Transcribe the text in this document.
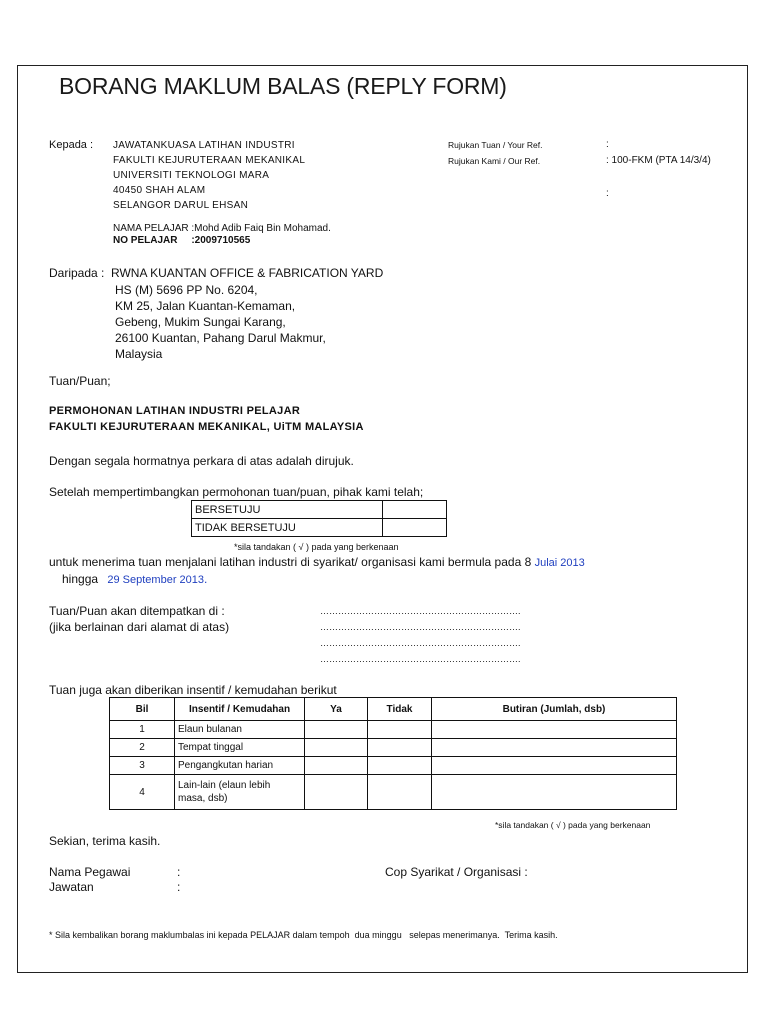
BORANG MAKLUM BALAS (REPLY FORM)
Kepada : JAWATANKUASA LATIHAN INDUSTRI
FAKULTI KEJURUTERAAN MEKANIKAL
UNIVERSITI TEKNOLOGI MARA
40450 SHAH ALAM
SELANGOR DARUL EHSAN
NAMA PELAJAR :Mohd Adib Faiq Bin Mohamad.
NO PELAJAR     :2009710565
Rujukan Tuan / Your Ref.	:
Rujukan Kami / Our Ref.	: 100-FKM (PTA 14/3/4)
:
Daripada : RWNA KUANTAN OFFICE & FABRICATION YARD
HS (M) 5696 PP No. 6204,
KM 25, Jalan Kuantan-Kemaman,
Gebeng, Mukim Sungai Karang,
26100 Kuantan, Pahang Darul Makmur,
Malaysia
Tuan/Puan;
PERMOHONAN LATIHAN INDUSTRI PELAJAR
FAKULTI KEJURUTERAAN MEKANIKAL, UiTM MALAYSIA
Dengan segala hormatnya perkara di atas adalah dirujuk.
Setelah mempertimbangkan permohonan tuan/puan, pihak kami telah;
BERSETUJU	
TIDAK BERSETUJU	
*sila tandakan ( √ ) pada yang berkenaan
untuk menerima tuan menjalani latihan industri di syarikat/ organisasi kami bermula pada 8 Julai 2013
hingga 29 September 2013.
Tuan/Puan akan ditempatkan di :
(jika berlainan dari alamat di atas)
………………………………………………………….
………………………………………………………….
………………………………………………………….
………………………………………………………….
Tuan juga akan diberikan insentif / kemudahan berikut
Bil	Insentif / Kemudahan	Ya	Tidak	Butiran (Jumlah, dsb)
1	Elaun bulanan			
2	Tempat tinggal			
3	Pengangkutan harian			
4	Lain-lain (elaun lebih
masa, dsb)			

*sila tandakan ( √ ) pada yang berkenaan
Sekian, terima kasih.
Nama Pegawai	:
Jawatan	:
Cop Syarikat / Organisasi :
* Sila kembalikan borang maklumbalas ini kepada PELAJAR dalam tempoh  dua minggu   selepas menerimanya.  Terima kasih.
